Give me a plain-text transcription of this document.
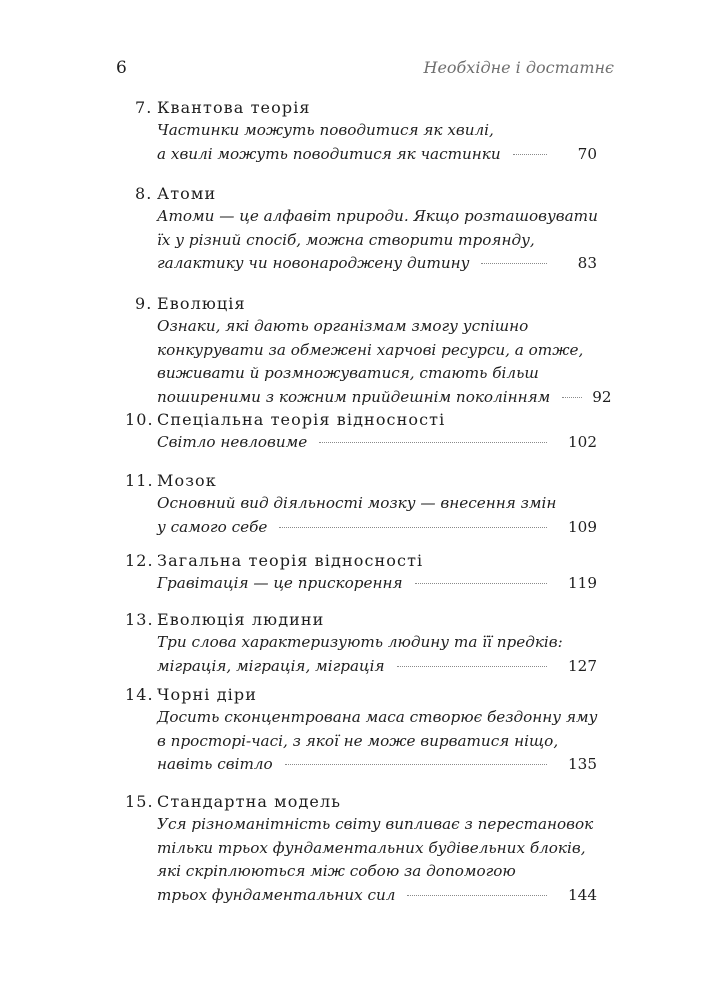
6	Необхідне і достатнє
7. Квантова теорія
Частинки можуть поводитися як хвилі,
а хвилі можуть поводитися як частинки	70
8. Атоми
Атоми — це алфавіт природи. Якщо розташовувати
їх у різний спосіб, можна створити троянду,
галактику чи новонароджену дитину	83
9. Еволюція
Ознаки, які дають організмам змогу успішно
конкурувати за обмежені харчові ресурси, а отже,
виживати й розмножуватися, стають більш
поширеними з кожним прийдешнім поколінням	92
10. Спеціальна теорія відносності
Світло невловиме	102
11. Мозок
Основний вид діяльності мозку — внесення змін
у самого себе	109
12. Загальна теорія відносності
Гравітація — це прискорення	119
13. Еволюція людини
Три слова характеризують людину та її предків:
міграція, міграція, міграція	127
14. Чорні діри
Досить сконцентрована маса створює бездонну яму
в просторі-часі, з якої не може вирватися ніщо,
навіть світло	135
15. Стандартна модель
Уся різноманітність світу випливає з перестановок
тільки трьох фундаментальних будівельних блоків,
які скріплюються між собою за допомогою
трьох фундаментальних сил	144
